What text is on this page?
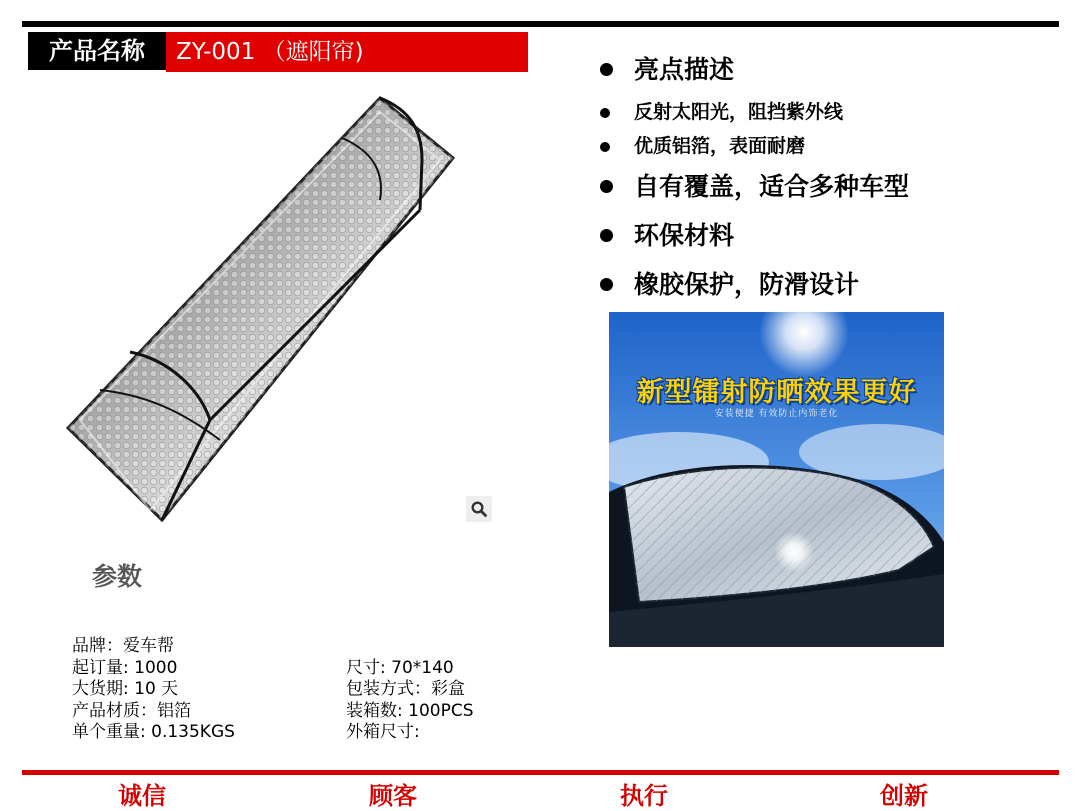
产品名称	ZY-001 （遮阳帘)
参数
品牌：爱车帮
起订量: 1000
大货期: 10 天
产品材质：铝箔
单个重量: 0.135KGS
尺寸: 70*140
包装方式：彩盒
装箱数: 100PCS
外箱尺寸:
亮点描述
反射太阳光，阻挡紫外线
优质铝箔，表面耐磨
自有覆盖，适合多种车型
环保材料
橡胶保护，防滑设计
新型镭射防晒效果更好
安装便捷 有效防止内饰老化
诚信	顾客	执行	创新
